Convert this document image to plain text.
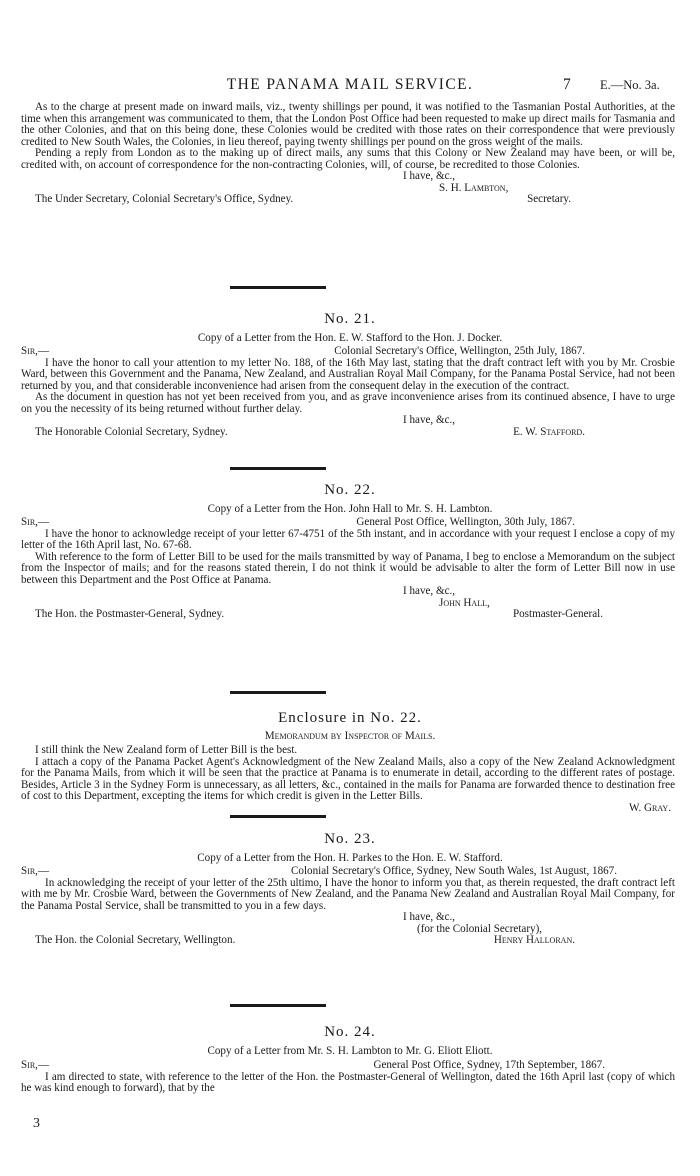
THE PANAMA MAIL SERVICE.	7 E.—No. 3a.

As to the charge at present made on inward mails, viz., twenty shillings per pound, it was notified to the Tasmanian Postal Authorities, at the time when this arrangement was communicated to them, that the London Post Office had been requested to make up direct mails for Tasmania and the other Colonies, and that on this being done, these Colonies would be credited with those rates on their correspondence that were previously credited to New South Wales, the Colonies, in lieu thereof, paying twenty shillings per pound on the gross weight of the mails.

Pending a reply from London as to the making up of direct mails, any sums that this Colony or New Zealand may have been, or will be, credited with, on account of correspondence for the non-contracting Colonies, will, of course, be recredited to those Colonies.

I have, &c.,

S. H. Lambton,

The Under Secretary, Colonial Secretary's Office, Sydney.	Secretary.

No. 21.
Copy of a Letter from the Hon. E. W. Stafford to the Hon. J. Docker.

Sir,—	Colonial Secretary's Office, Wellington, 25th July, 1867.

I have the honor to call your attention to my letter No. 188, of the 16th May last, stating that the draft contract left with you by Mr. Crosbie Ward, between this Government and the Panama, New Zealand, and Australian Royal Mail Company, for the Panama Postal Service, had not been returned by you, and that considerable inconvenience had arisen from the consequent delay in the execution of the contract.

As the document in question has not yet been received from you, and as grave inconvenience arises from its continued absence, I have to urge on you the necessity of its being returned without further delay.

I have, &c.,

The Honorable Colonial Secretary, Sydney.	E. W. Stafford.

No. 22.
Copy of a Letter from the Hon. John Hall to Mr. S. H. Lambton.

Sir,—	General Post Office, Wellington, 30th July, 1867.

I have the honor to acknowledge receipt of your letter 67-4751 of the 5th instant, and in accordance with your request I enclose a copy of my letter of the 16th April last, No. 67-68.

With reference to the form of Letter Bill to be used for the mails transmitted by way of Panama, I beg to enclose a Memorandum on the subject from the Inspector of mails; and for the reasons stated therein, I do not think it would be advisable to alter the form of Letter Bill now in use between this Department and the Post Office at Panama.

I have, &c.,

John Hall,

The Hon. the Postmaster-General, Sydney.	Postmaster-General.

Enclosure in No. 22.
Memorandum by Inspector of Mails.

I still think the New Zealand form of Letter Bill is the best.

I attach a copy of the Panama Packet Agent's Acknowledgment of the New Zealand Mails, also a copy of the New Zealand Acknowledgment for the Panama Mails, from which it will be seen that the practice at Panama is to enumerate in detail, according to the different rates of postage. Besides, Article 3 in the Sydney Form is unnecessary, as all letters, &c., contained in the mails for Panama are forwarded thence to destination free of cost to this Department, excepting the items for which credit is given in the Letter Bills.

W. Gray.

No. 23.
Copy of a Letter from the Hon. H. Parkes to the Hon. E. W. Stafford.

Sir,—	Colonial Secretary's Office, Sydney, New South Wales, 1st August, 1867.

In acknowledging the receipt of your letter of the 25th ultimo, I have the honor to inform you that, as therein requested, the draft contract left with me by Mr. Crosbie Ward, between the Governments of New Zealand, and the Panama New Zealand and Australian Royal Mail Company, for the Panama Postal Service, shall be transmitted to you in a few days.

I have, &c.,

(for the Colonial Secretary),

The Hon. the Colonial Secretary, Wellington.	Henry Halloran.

No. 24.
Copy of a Letter from Mr. S. H. Lambton to Mr. G. Eliott Eliott.

Sir,—	General Post Office, Sydney, 17th September, 1867.

I am directed to state, with reference to the letter of the Hon. the Postmaster-General of Wellington, dated the 16th April last (copy of which he was kind enough to forward), that by the

3
